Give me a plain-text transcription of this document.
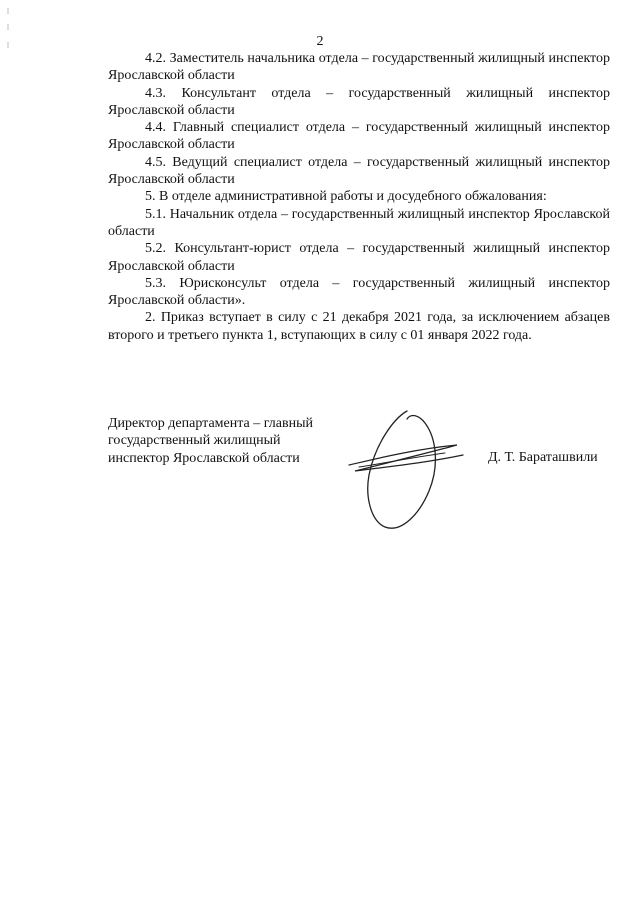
2

4.2. Заместитель начальника отдела – государственный жилищный инспектор Ярославской области

4.3. Консультант отдела – государственный жилищный инспектор Ярославской области

4.4. Главный специалист отдела – государственный жилищный инспектор Ярославской области

4.5. Ведущий специалист отдела – государственный жилищный инспектор Ярославской области

5. В отделе административной работы и досудебного обжалования:

5.1. Начальник отдела – государственный жилищный инспектор Ярославской области

5.2. Консультант-юрист отдела – государственный жилищный инспектор Ярославской области

5.3. Юрисконсульт отдела – государственный жилищный инспектор Ярославской области».

2. Приказ вступает в силу с 21 декабря 2021 года, за исключением абзацев второго и третьего пункта 1, вступающих в силу с 01 января 2022 года.

Директор департамента – главный
государственный жилищный
инспектор Ярославской области	Д. Т. Бараташвили
